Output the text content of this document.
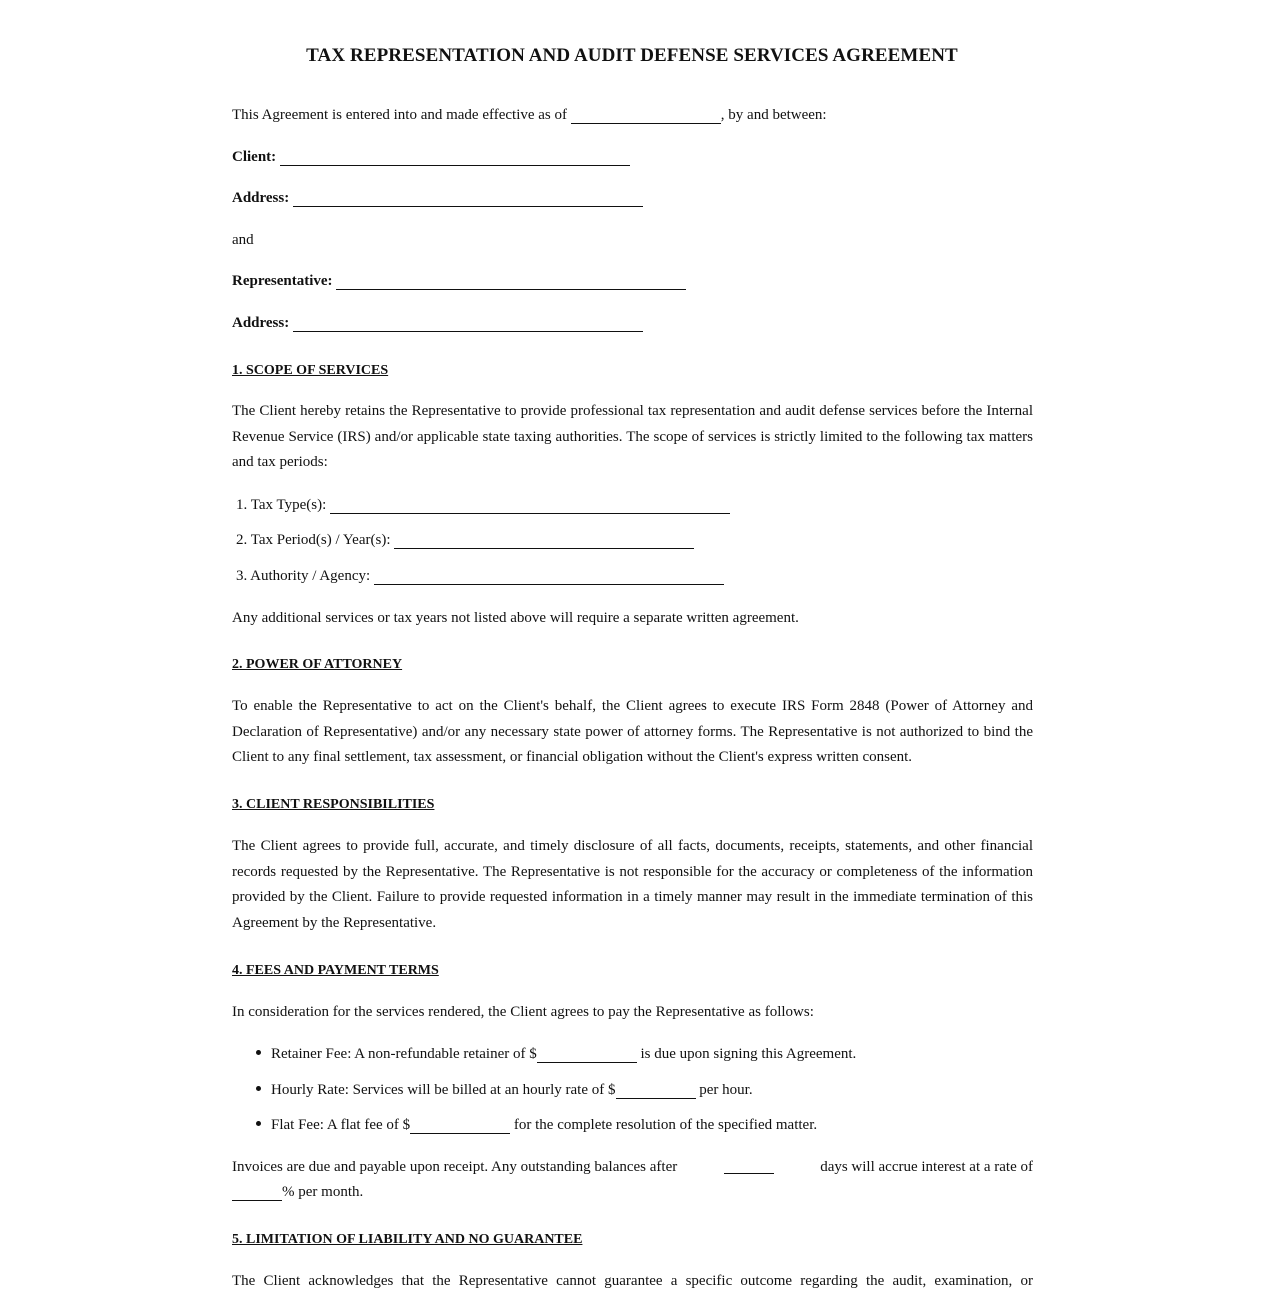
TAX REPRESENTATION AND AUDIT DEFENSE SERVICES AGREEMENT
This Agreement is entered into and made effective as of	, by and between:
Client:
Address:
and
Representative:
Address:
1. SCOPE OF SERVICES

The Client hereby retains the Representative to provide professional tax representation and audit defense services before the Internal Revenue Service (IRS) and/or applicable state taxing authorities. The scope of services is strictly limited to the following tax matters and tax periods:

1. Tax Type(s):
2. Tax Period(s) / Year(s):
3. Authority / Agency:
Any additional services or tax years not listed above will require a separate written agreement.
2. POWER OF ATTORNEY

To enable the Representative to act on the Client's behalf, the Client agrees to execute IRS Form 2848 (Power of Attorney and Declaration of Representative) and/or any necessary state power of attorney forms. The Representative is not authorized to bind the Client to any final settlement, tax assessment, or financial obligation without the Client's express written consent.

3. CLIENT RESPONSIBILITIES

The Client agrees to provide full, accurate, and timely disclosure of all facts, documents, receipts, statements, and other financial records requested by the Representative. The Representative is not responsible for the accuracy or completeness of the information provided by the Client. Failure to provide requested information in a timely manner may result in the immediate termination of this Agreement by the Representative.

4. FEES AND PAYMENT TERMS
In consideration for the services rendered, the Client agrees to pay the Representative as follows:
Retainer Fee: A non-refundable retainer of $	is due upon signing this Agreement.
Hourly Rate: Services will be billed at an hourly rate of $	per hour.
Flat Fee: A flat fee of $	for the complete resolution of the specified matter.
Invoices are due and payable upon receipt. Any outstanding balances after	days will accrue interest at a rate of
% per month.
5. LIMITATION OF LIABILITY AND NO GUARANTEE
The Client acknowledges that the Representative cannot guarantee a specific outcome regarding the audit, examination, or
